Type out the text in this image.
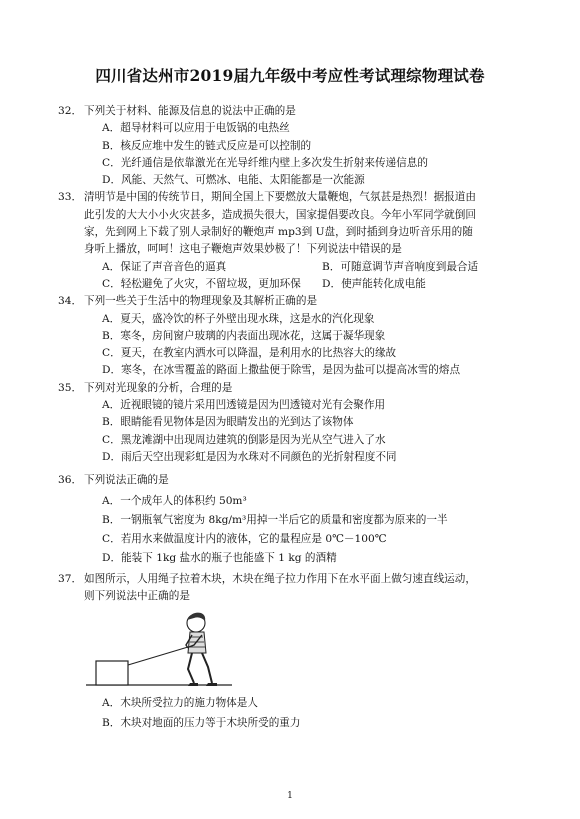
四川省达州市2019届九年级中考应性考试理综物理试卷

32． 下列关于材料、能源及信息的说法中正确的是

A．超导材料可以应用于电饭锅的电热丝

B．核反应堆中发生的链式反应是可以控制的

C．光纤通信是依靠激光在光导纤维内壁上多次发生折射来传递信息的

D．风能、天然气、可燃冰、电能、太阳能都是一次能源

33． 清明节是中国的传统节日，期间全国上下要燃放大量鞭炮，气氛甚是热烈！据报道由

此引发的大大小小火灾甚多，造成损失很大，国家提倡要改良。今年小军同学就倒回

家，先到网上下载了别人录制好的鞭炮声 mp3到 U盘，到时插到身边听音乐用的随

身听上播放，呵呵！这电子鞭炮声效果妙极了！下列说法中错误的是

A．保证了声音音色的逼真	B．可随意调节声音响度到最合适

C．轻松避免了火灾，不留垃圾，更加环保 D．使声能转化成电能

34． 下列一些关于生活中的物理现象及其解析正确的是

A．夏天，盛冷饮的杯子外壁出现水珠，这是水的汽化现象

B．寒冬，房间窗户玻璃的内表面出现冰花，这属于凝华现象

C．夏天，在教室内洒水可以降温，是利用水的比热容大的缘故

D．寒冬，在冰雪覆盖的路面上撒盐便于除雪，是因为盐可以提高冰雪的熔点

35． 下列对光现象的分析，合理的是

A．近视眼镜的镜片采用凹透镜是因为凹透镜对光有会聚作用

B．眼睛能看见物体是因为眼睛发出的光到达了该物体

C．黑龙滩湖中出现周边建筑的倒影是因为光从空气进入了水

D．雨后天空出现彩虹是因为水珠对不同颜色的光折射程度不同

36． 下列说法正确的是

A．一个成年人的体积约 50m³

B．一钢瓶氧气密度为 8kg/m³用掉一半后它的质量和密度都为原来的一半

C．若用水来做温度计内的液体，它的量程应是 0℃－100℃

D．能装下 1kg 盐水的瓶子也能盛下 1 kg 的酒精

37． 如图所示，人用绳子拉着木块，木块在绳子拉力作用下在水平面上做匀速直线运动，

则下列说法中正确的是

A．木块所受拉力的施力物体是人

B．木块对地面的压力等于木块所受的重力

1
